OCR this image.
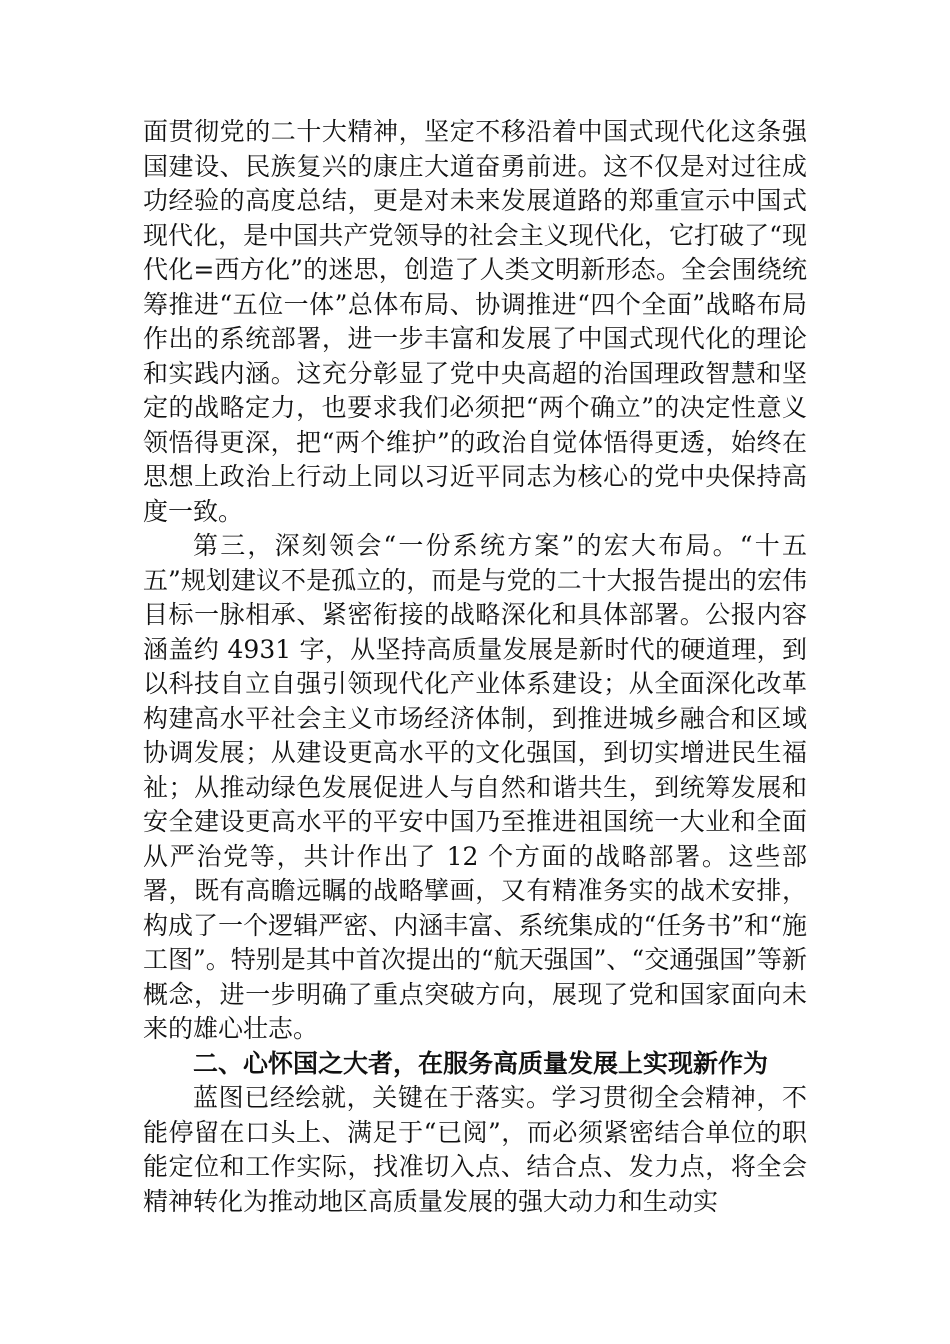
面贯彻党的二十大精神，坚定不移沿着中国式现代化这条强国建设、民族复兴的康庄大道奋勇前进。这不仅是对过往成功经验的高度总结，更是对未来发展道路的郑重宣示中国式现代化，是中国共产党领导的社会主义现代化，它打破了“现代化=西方化”的迷思，创造了人类文明新形态。全会围绕统筹推进“五位一体”总体布局、协调推进“四个全面”战略布局作出的系统部署，进一步丰富和发展了中国式现代化的理论和实践内涵。这充分彰显了党中央高超的治国理政智慧和坚定的战略定力，也要求我们必须把“两个确立”的决定性意义领悟得更深，把“两个维护”的政治自觉体悟得更透，始终在思想上政治上行动上同以习近平同志为核心的党中央保持高度一致。

第三，深刻领会“一份系统方案”的宏大布局。“十五五”规划建议不是孤立的，而是与党的二十大报告提出的宏伟目标一脉相承、紧密衔接的战略深化和具体部署。公报内容涵盖约 4931 字，从坚持高质量发展是新时代的硬道理，到以科技自立自强引领现代化产业体系建设；从全面深化改革构建高水平社会主义市场经济体制，到推进城乡融合和区域协调发展；从建设更高水平的文化强国，到切实增进民生福祉；从推动绿色发展促进人与自然和谐共生，到统筹发展和安全建设更高水平的平安中国乃至推进祖国统一大业和全面从严治党等，共计作出了 12 个方面的战略部署。这些部署，既有高瞻远瞩的战略擘画，又有精准务实的战术安排，构成了一个逻辑严密、内涵丰富、系统集成的“任务书”和“施工图”。特别是其中首次提出的“航天强国”、“交通强国”等新概念，进一步明确了重点突破方向，展现了党和国家面向未来的雄心壮志。

二、心怀国之大者，在服务高质量发展上实现新作为

蓝图已经绘就，关键在于落实。学习贯彻全会精神，不能停留在口头上、满足于“已阅”，而必须紧密结合单位的职能定位和工作实际，找准切入点、结合点、发力点，将全会精神转化为推动地区高质量发展的强大动力和生动实
